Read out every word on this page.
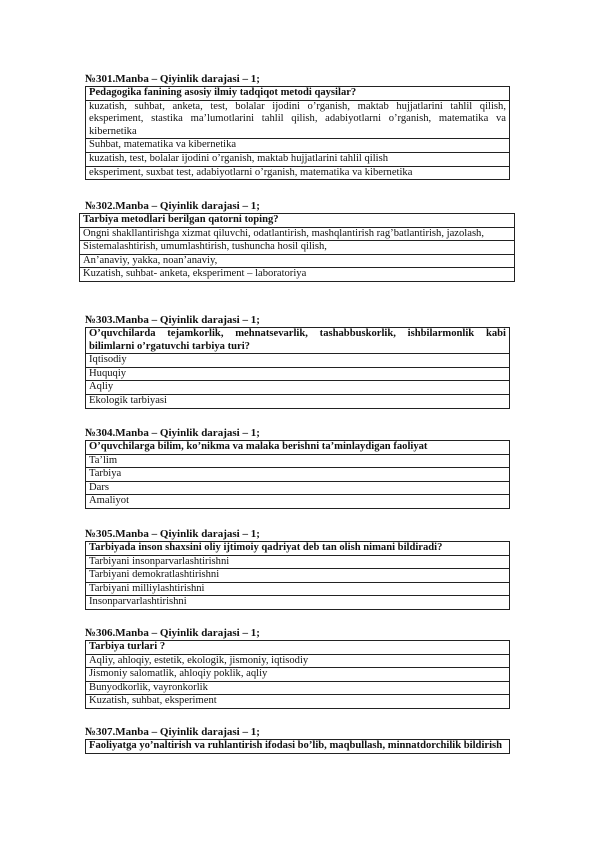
№301.Manba – Qiyinlik darajasi – 1;
Pedagogika fanining asosiy ilmiy tadqiqot metodi qaysilar?
kuzatish, suhbat, anketa, test, bolalar ijodini o’rganish, maktab hujjatlarini tahlil qilish, eksperiment, stastika ma’lumotlarini tahlil qilish, adabiyotlarni o’rganish, matematika va kibernetika
Suhbat, matematika va kibernetika
kuzatish, test, bolalar ijodini o’rganish, maktab hujjatlarini tahlil qilish
eksperiment, suxbat test, adabiyotlarni o’rganish, matematika va kibernetika
№302.Manba – Qiyinlik darajasi – 1;
Tarbiya metodlari berilgan qatorni toping?
Ongni shakllantirishga xizmat qiluvchi, odatlantirish, mashqlantirish rag’batlantirish, jazolash,
Sistemalashtirish, umumlashtirish, tushuncha hosil qilish,
An’anaviy, yakka, noan’anaviy,
Kuzatish, suhbat- anketa, eksperiment – laboratoriya
№303.Manba – Qiyinlik darajasi – 1;
O’quvchilarda tejamkorlik, mehnatsevarlik, tashabbuskorlik, ishbilarmonlik kabi bilimlarni o’rgatuvchi tarbiya turi?
Iqtisodiy
Huquqiy
Aqliy
Ekologik tarbiyasi
№304.Manba – Qiyinlik darajasi – 1;
O’quvchilarga bilim, ko’nikma va malaka berishni ta’minlaydigan faoliyat
Ta’lim
Tarbiya
Dars
Amaliyot
№305.Manba – Qiyinlik darajasi – 1;
Tarbiyada inson shaxsini oliy ijtimoiy qadriyat deb tan olish nimani bildiradi?
Tarbiyani insonparvarlashtirishni
Tarbiyani demokratlashtirishni
Tarbiyani milliylashtirishni
Insonparvarlashtirishni
№306.Manba – Qiyinlik darajasi – 1;
Tarbiya turlari ?
Aqliy, ahloqiy, estetik, ekologik, jismoniy, iqtisodiy
Jismoniy salomatlik, ahloqiy poklik, aqliy
Bunyodkorlik, vayronkorlik
Kuzatish, suhbat, eksperiment
№307.Manba – Qiyinlik darajasi – 1;
Faoliyatga yo’naltirish va ruhlantirish ifodasi bo’lib, maqbullash, minnatdorchilik bildirish
